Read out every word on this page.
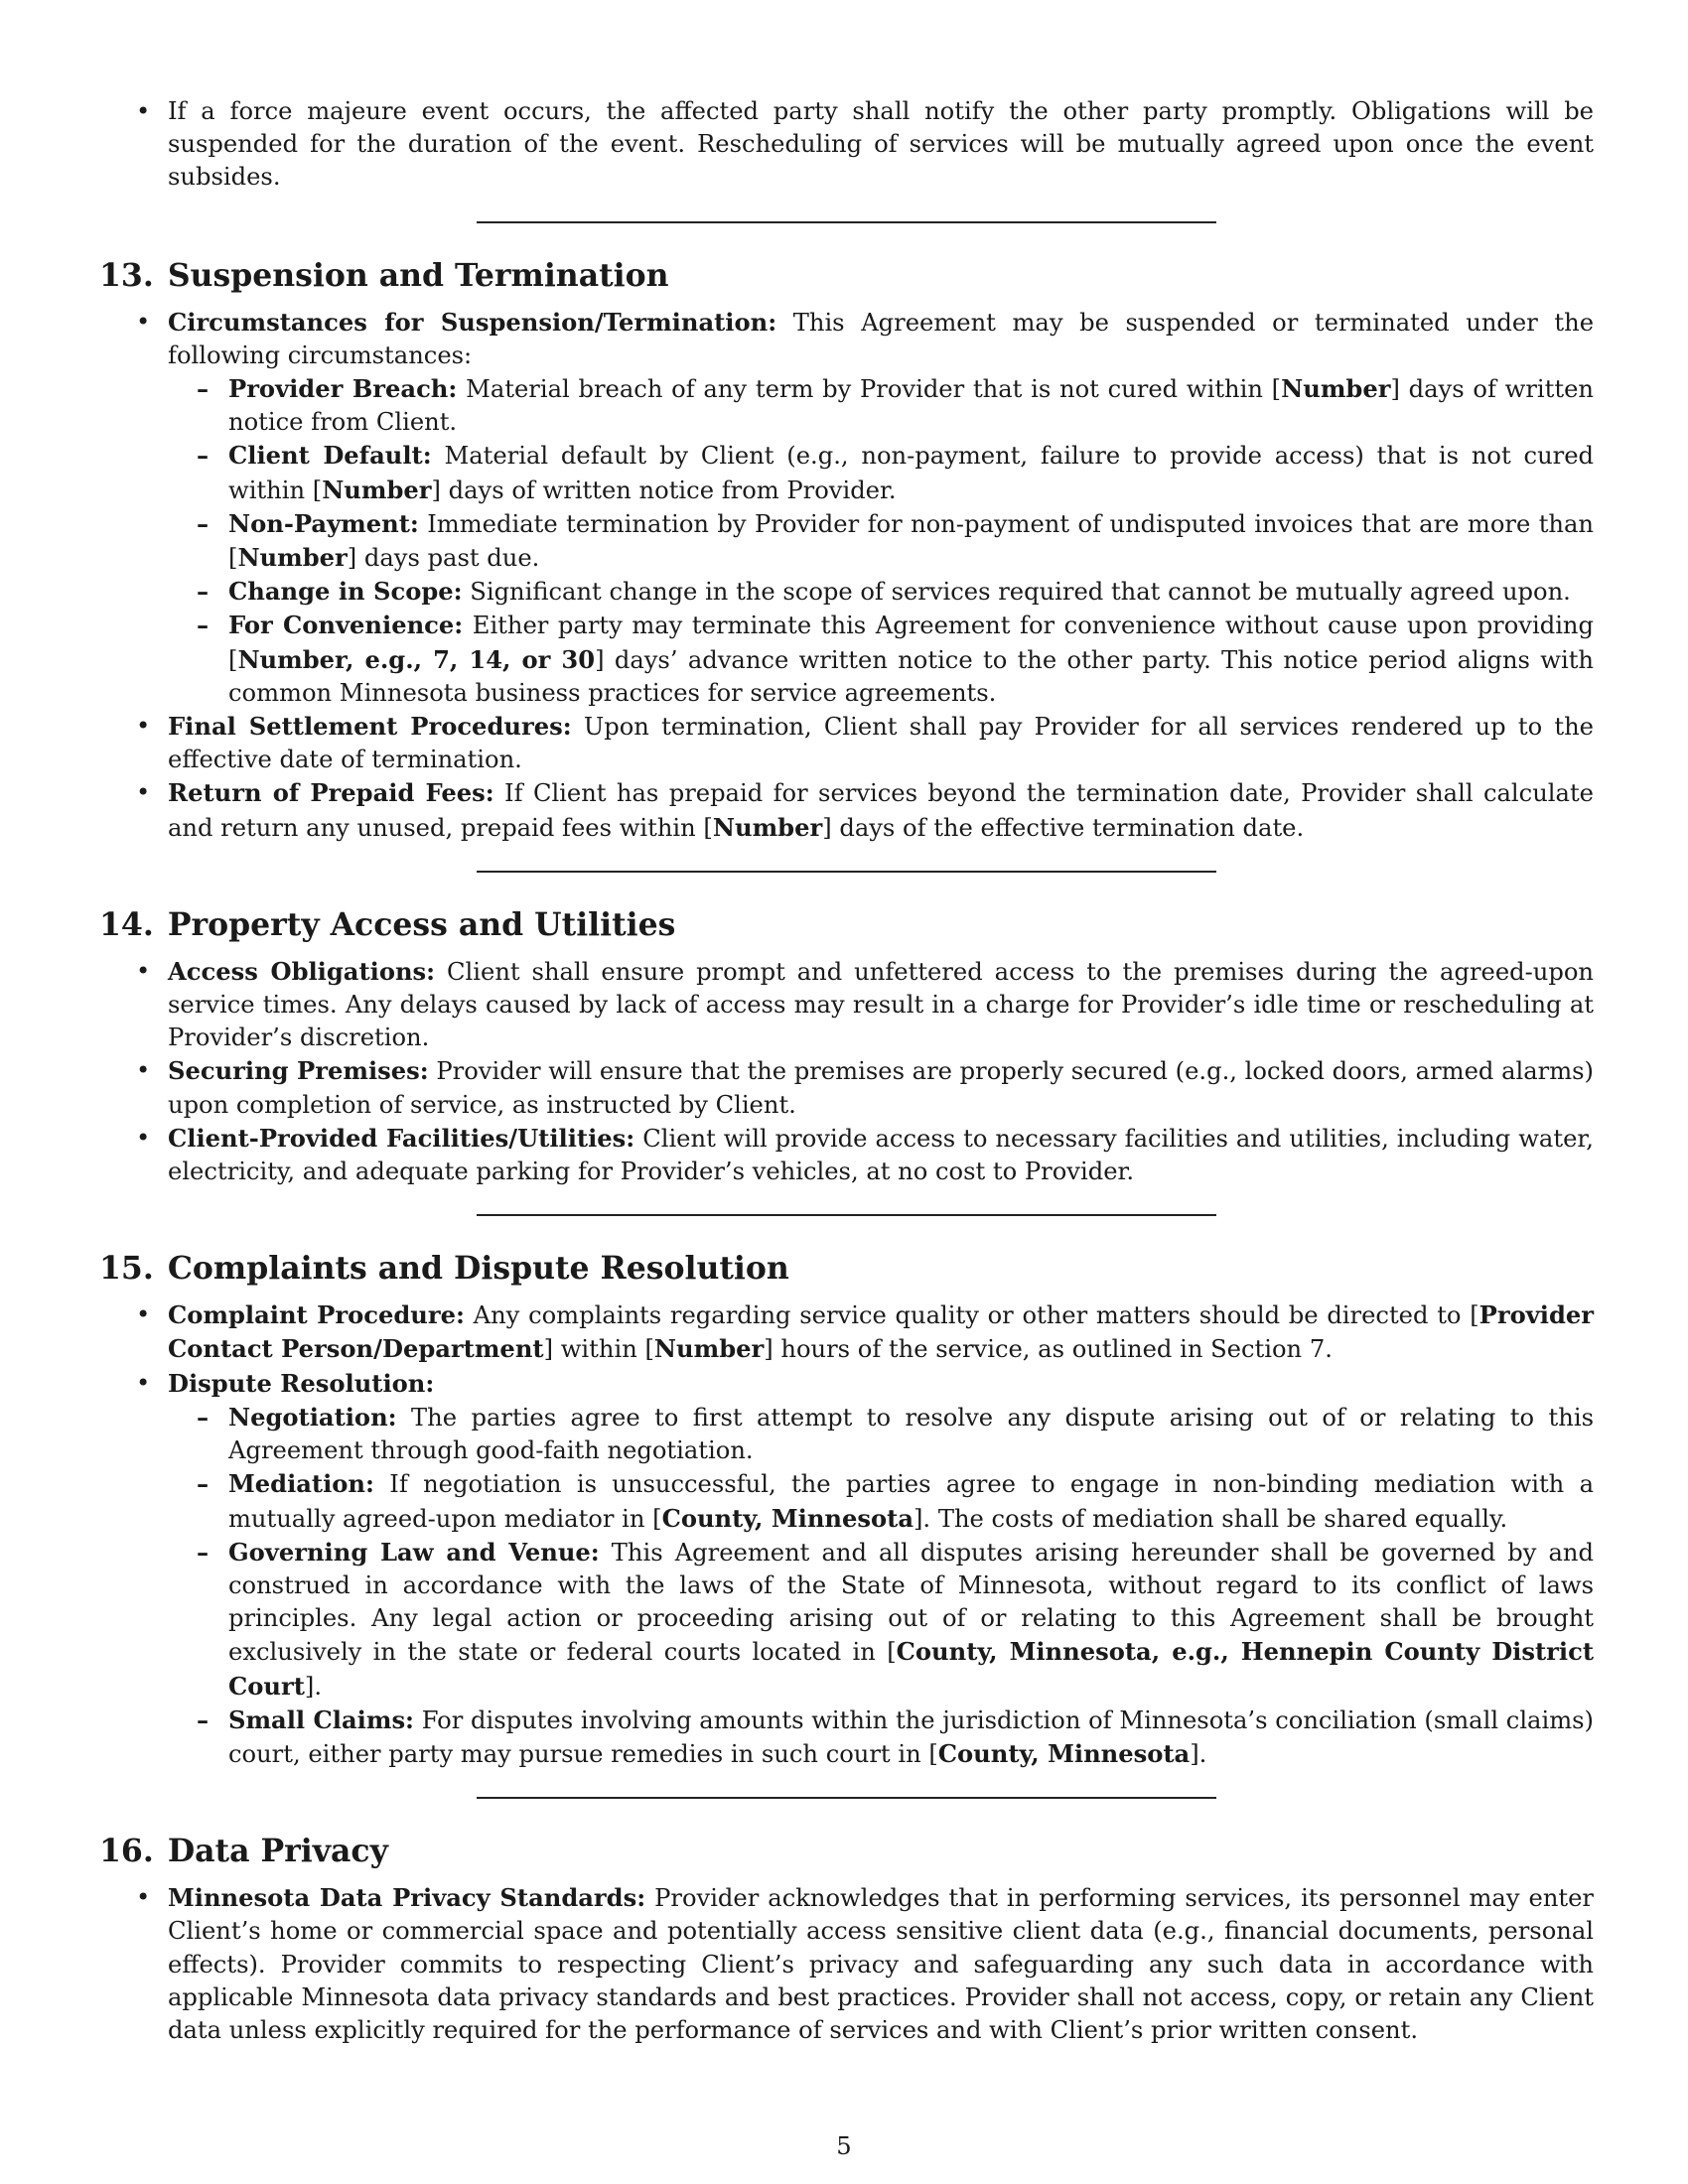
• If a force majeure event occurs, the affected party shall notify the other party promptly. Obligations will be suspended for the duration of the event. Rescheduling of services will be mutually agreed upon once the event subsides.
13. Suspension and Termination
• Circumstances for Suspension/Termination: This Agreement may be suspended or terminated under the following circumstances:
– Provider Breach: Material breach of any term by Provider that is not cured within [Number] days of written notice from Client.
– Client Default: Material default by Client (e.g., non-payment, failure to provide access) that is not cured within [Number] days of written notice from Provider.
– Non-Payment: Immediate termination by Provider for non-payment of undisputed invoices that are more than [Number] days past due.
– Change in Scope: Significant change in the scope of services required that cannot be mutually agreed upon.
– For Convenience: Either party may terminate this Agreement for convenience without cause upon providing [Number, e.g., 7, 14, or 30] days’ advance written notice to the other party. This notice period aligns with common Minnesota business practices for service agreements.
• Final Settlement Procedures: Upon termination, Client shall pay Provider for all services rendered up to the effective date of termination.
• Return of Prepaid Fees: If Client has prepaid for services beyond the termination date, Provider shall calculate and return any unused, prepaid fees within [Number] days of the effective termination date.
14. Property Access and Utilities
• Access Obligations: Client shall ensure prompt and unfettered access to the premises during the agreed-upon service times. Any delays caused by lack of access may result in a charge for Provider’s idle time or rescheduling at Provider’s discretion.
• Securing Premises: Provider will ensure that the premises are properly secured (e.g., locked doors, armed alarms) upon completion of service, as instructed by Client.
• Client-Provided Facilities/Utilities: Client will provide access to necessary facilities and utilities, including water, electricity, and adequate parking for Provider’s vehicles, at no cost to Provider.
15. Complaints and Dispute Resolution
• Complaint Procedure: Any complaints regarding service quality or other matters should be directed to [Provider Contact Person/Department] within [Number] hours of the service, as outlined in Section 7.
• Dispute Resolution:
– Negotiation: The parties agree to first attempt to resolve any dispute arising out of or relating to this Agreement through good-faith negotiation.
– Mediation: If negotiation is unsuccessful, the parties agree to engage in non-binding mediation with a mutually agreed-upon mediator in [County, Minnesota]. The costs of mediation shall be shared equally.
– Governing Law and Venue: This Agreement and all disputes arising hereunder shall be governed by and construed in accordance with the laws of the State of Minnesota, without regard to its conflict of laws principles. Any legal action or proceeding arising out of or relating to this Agreement shall be brought exclusively in the state or federal courts located in [County, Minnesota, e.g., Hennepin County District Court].
– Small Claims: For disputes involving amounts within the jurisdiction of Minnesota’s conciliation (small claims) court, either party may pursue remedies in such court in [County, Minnesota].
16. Data Privacy
• Minnesota Data Privacy Standards: Provider acknowledges that in performing services, its personnel may enter Client’s home or commercial space and potentially access sensitive client data (e.g., financial documents, personal effects). Provider commits to respecting Client’s privacy and safeguarding any such data in accordance with applicable Minnesota data privacy standards and best practices. Provider shall not access, copy, or retain any Client data unless explicitly required for the performance of services and with Client’s prior written consent.
5
